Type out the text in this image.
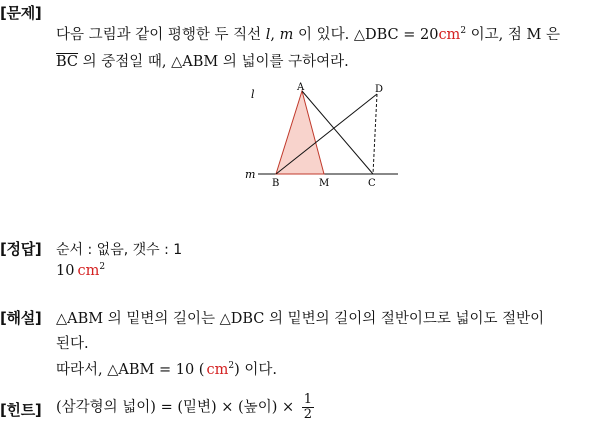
[문제]
다음 그림과 같이 평행한 두 직선 l, m 이 있다. △DBC = $20cm^2$ 이고, 점 M 은
$\overline{BC}$ 의 중점일 때, △ABM 의 넓이를 구하여라.
l
m
A	D
B	M	C
[정답] 순서 : 없음, 갯수 : 1
10 $cm^2$
[해설] △ABM 의 밑변의 길이는 △DBC 의 밑변의 길이의 절반이므로 넓이도 절반이
된다.
따라서, △ABM = 10 ( $cm^2$) 이다.
[힌트] (삼각형의 넓이) = (밑변) × (높이) × $\frac{1}{2}$
